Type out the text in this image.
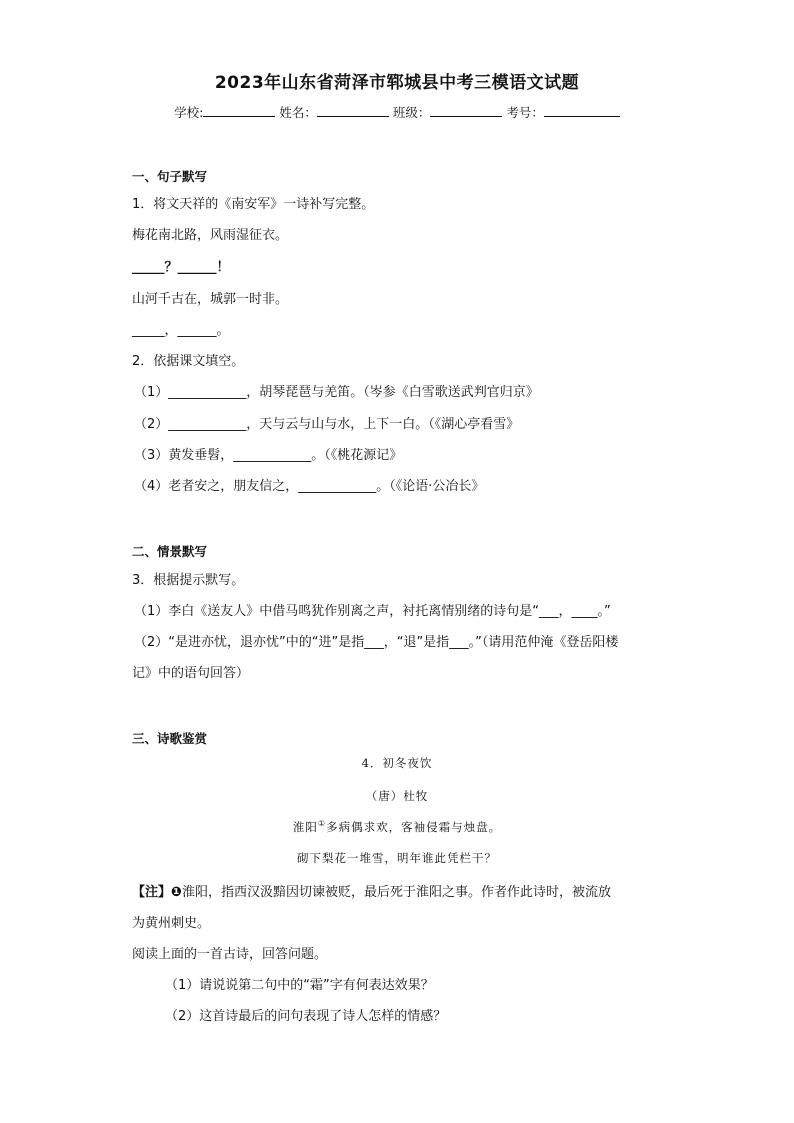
2023年山东省菏泽市郓城县中考三模语文试题
学校:	姓名：	班级：	考号：
一、句子默写
1．将文天祥的《南安军》一诗补写完整。
梅花南北路，风雨湿征衣。
_____？______！
山河千古在，城郭一时非。
_____，______。
2．依据课文填空。
（1）____________，胡琴琵琶与羌笛。（岑参《白雪歌送武判官归京》
（2）____________，天与云与山与水，上下一白。（《湖心亭看雪》
（3）黄发垂髫，____________。（《桃花源记》
（4）老者安之，朋友信之，____________。（《论语·公冶长》
二、情景默写
3．根据提示默写。
（1）李白《送友人》中借马鸣犹作别离之声，衬托离情别绪的诗句是“___，____。”
（2）“是进亦忧，退亦忧”中的“进”是指___，“退”是指___。”（请用范仲淹《登岳阳楼
记》中的语句回答）
三、诗歌鉴赏
4．初冬夜饮
（唐）杜牧
淮阳①多病偶求欢，客袖侵霜与烛盘。
砌下梨花一堆雪，明年谁此凭栏干？
【注】❶淮阳，指西汉汲黯因切谏被贬，最后死于淮阳之事。作者作此诗时，被流放
为黄州刺史。
阅读上面的一首古诗，回答问题。
（1）请说说第二句中的“霜”字有何表达效果？
（2）这首诗最后的问句表现了诗人怎样的情感？
